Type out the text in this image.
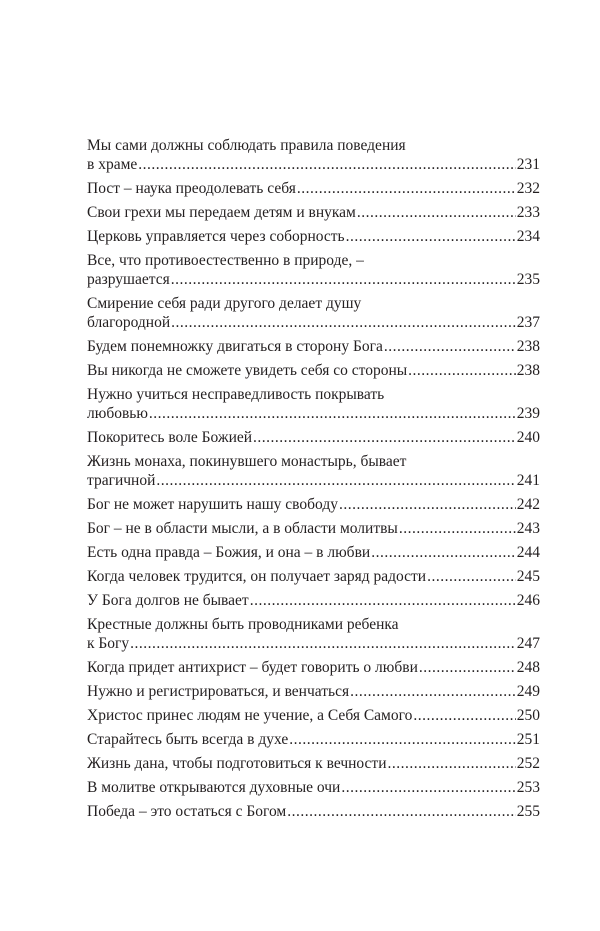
Мы сами должны соблюдать правила поведения
в храме .....	231
Пост – наука преодолевать себя .....	232
Свои грехи мы передаем детям и внукам .....	233
Церковь управляется через соборность .....	234
Все, что противоестественно в природе, –
разрушается .....	235
Смирение себя ради другого делает душу
благородной .....	237
Будем понемножку двигаться в сторону Бога .....	238
Вы никогда не сможете увидеть себя со стороны .....	238
Нужно учиться несправедливость покрывать
любовью .....	239
Покоритесь воле Божией .....	240
Жизнь монаха, покинувшего монастырь, бывает
трагичной .....	241
Бог не может нарушить нашу свободу .....	242
Бог – не в области мысли, а в области молитвы .....	243
Есть одна правда – Божия, и она – в любви .....	244
Когда человек трудится, он получает заряд радости .....	245
У Бога долгов не бывает .....	246
Крестные должны быть проводниками ребенка
к Богу .....	247
Когда придет антихрист – будет говорить о любви .....	248
Нужно и регистрироваться, и венчаться .....	249
Христос принес людям не учение, а Себя Самого .....	250
Старайтесь быть всегда в духе .....	251
Жизнь дана, чтобы подготовиться к вечности .....	252
В молитве открываются духовные очи .....	253
Победа – это остаться с Богом .....	255
